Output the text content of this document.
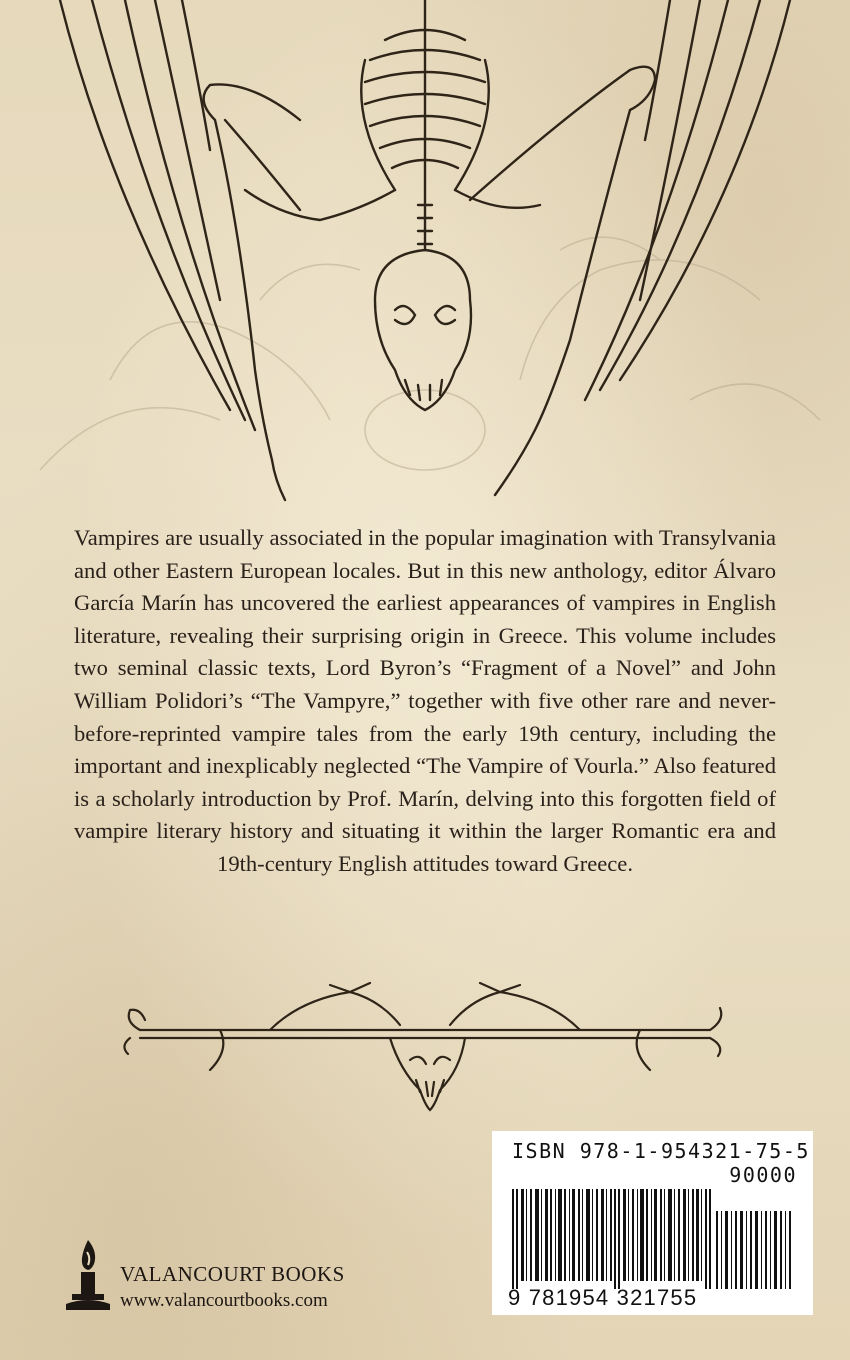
Vampires are usually associated in the popular imagination with Transylvania and other Eastern European locales. But in this new anthology, editor Álvaro García Marín has uncovered the earliest appearances of vampires in English literature, revealing their surprising origin in Greece. This volume includes two seminal classic texts, Lord Byron’s “Fragment of a Novel” and John William Polidori’s “The Vampyre,” together with five other rare and never-before-reprinted vampire tales from the early 19th century, including the important and inexplicably neglected “The Vampire of Vourla.” Also featured is a scholarly introduction by Prof. Marín, delving into this forgotten field of vampire literary history and situating it within the larger Romantic era and 19th-century English attitudes toward Greece.

ISBN 978-1-954321-75-5
90000
9 781954 321755
VALANCOURT BOOKS
www.valancourtbooks.com
